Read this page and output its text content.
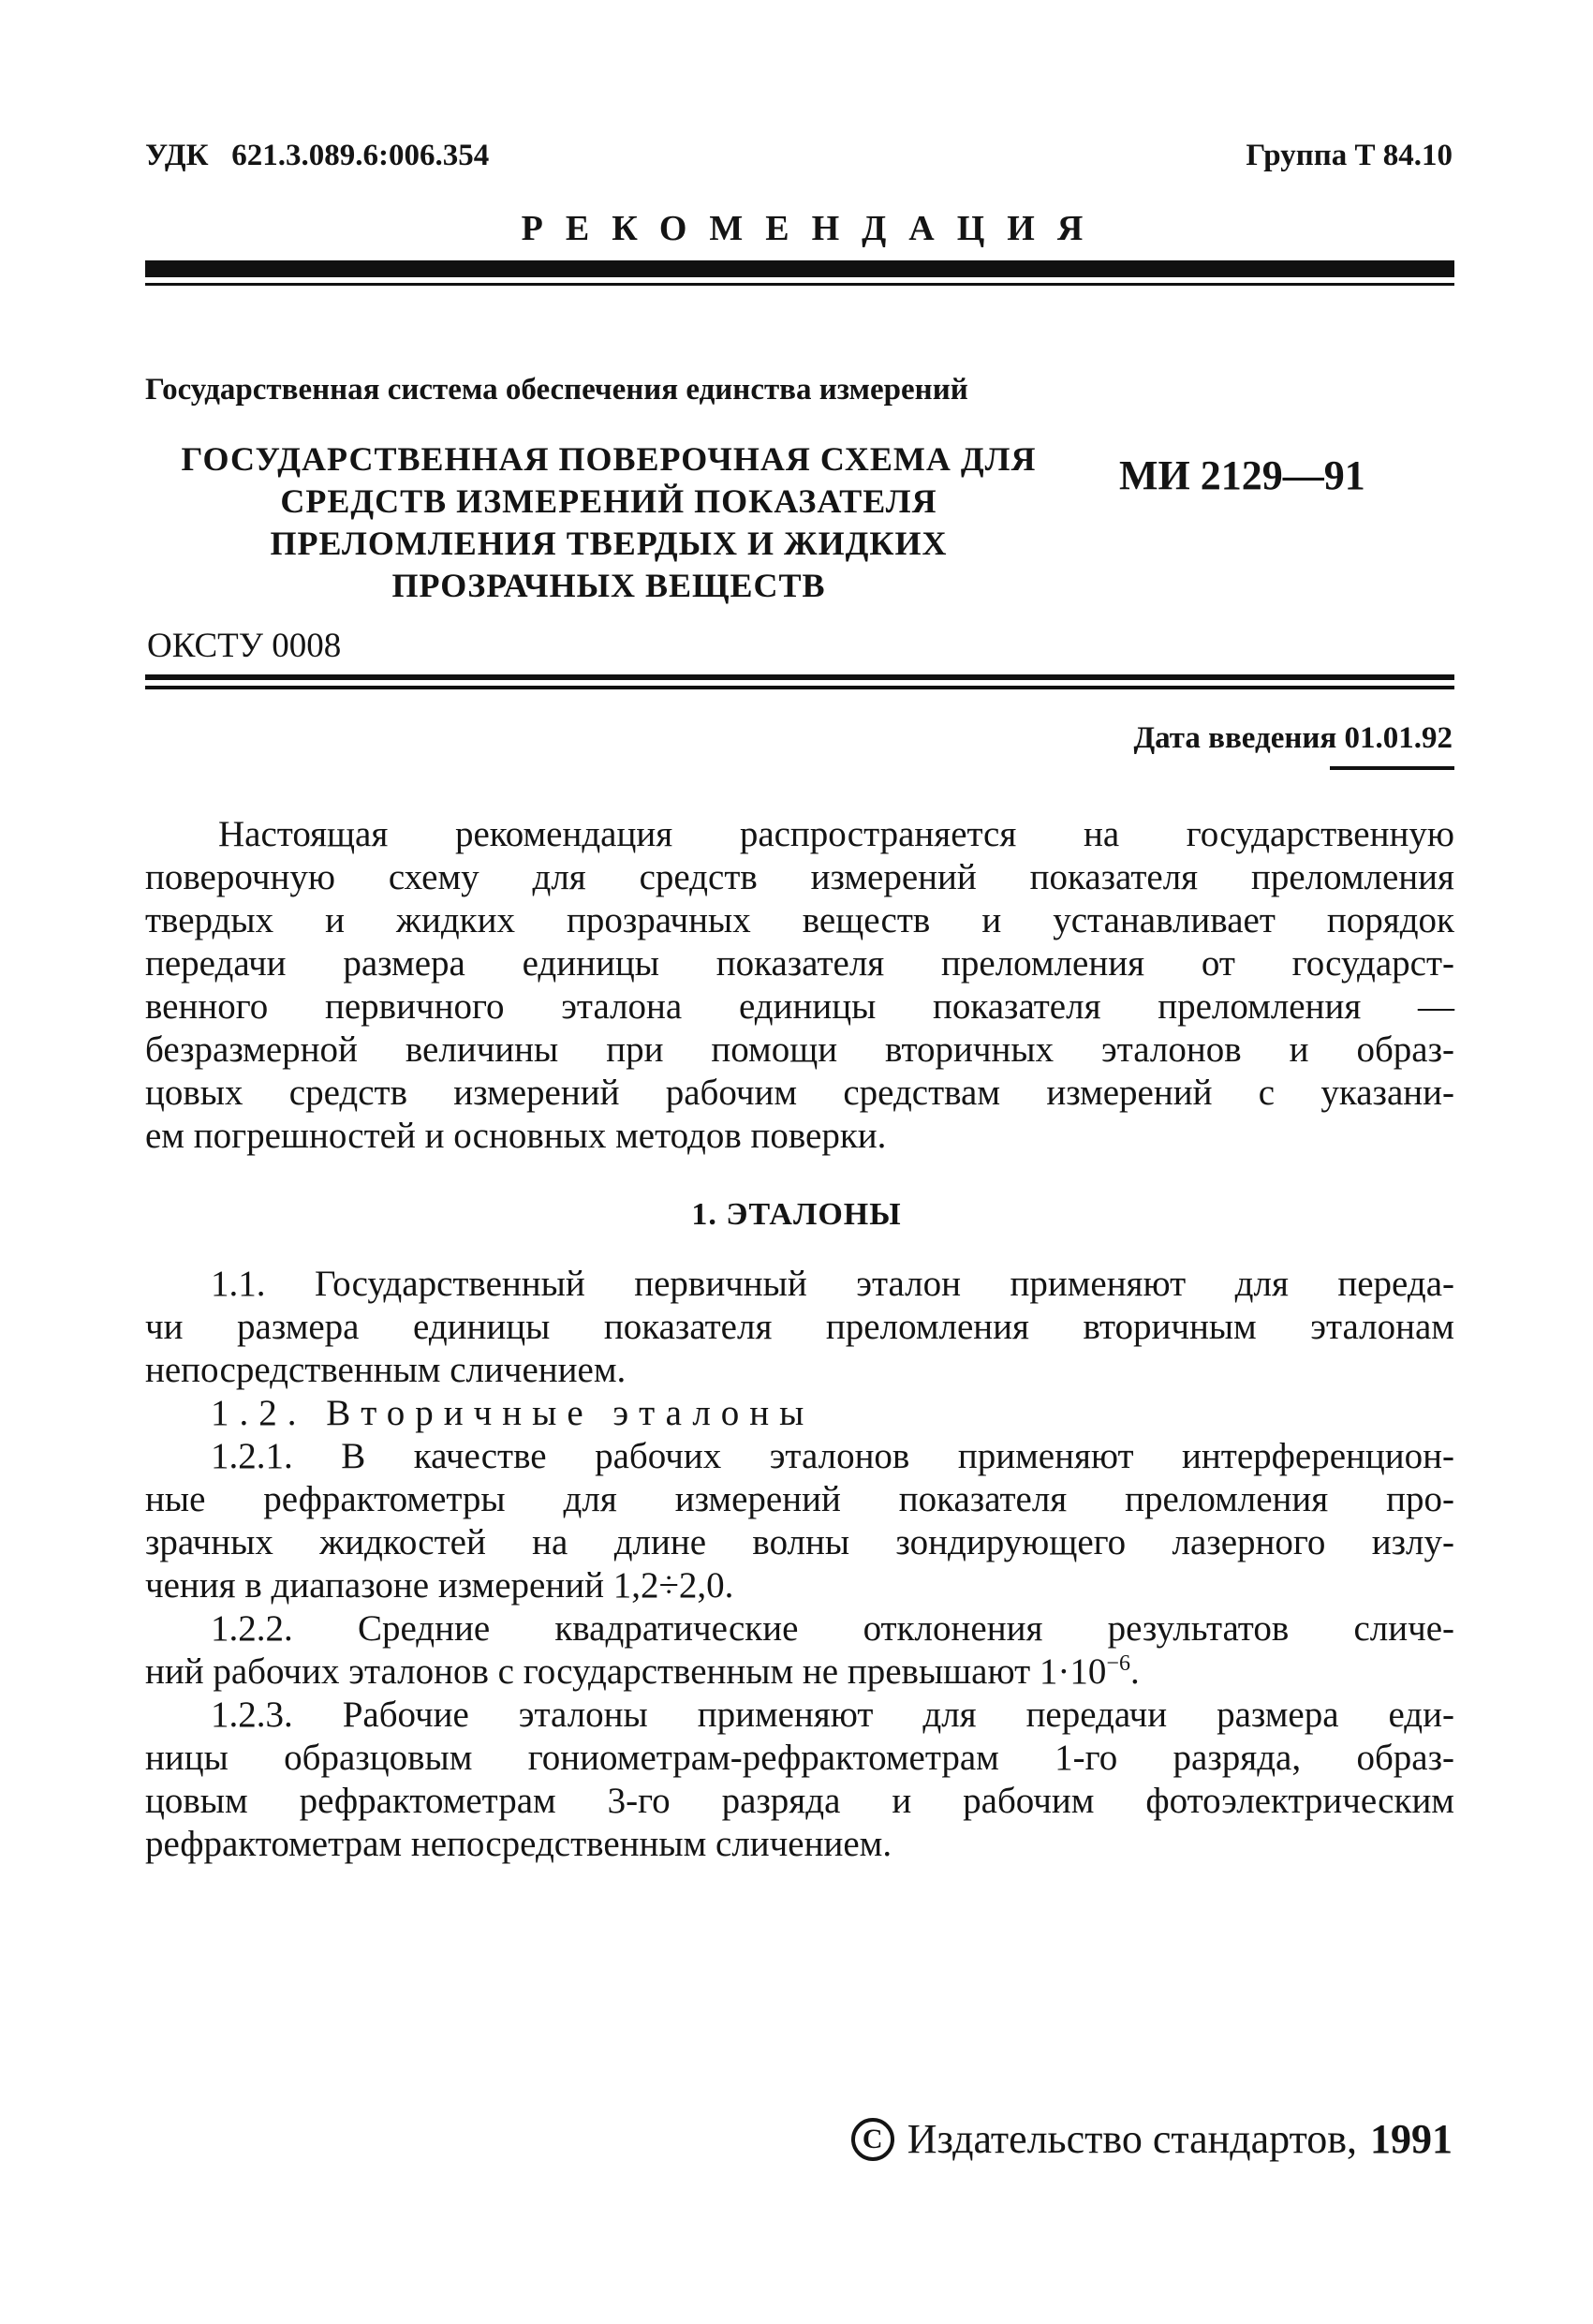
УДК   621.3.089.6:006.354	Группа Т 84.10
РЕКОМЕНДАЦИЯ
Государственная система обеспечения единства измерений
ГОСУДАРСТВЕННАЯ ПОВЕРОЧНАЯ СХЕМА ДЛЯ
СРЕДСТВ ИЗМЕРЕНИЙ ПОКАЗАТЕЛЯ
ПРЕЛОМЛЕНИЯ ТВЕРДЫХ И ЖИДКИХ
ПРОЗРАЧНЫХ ВЕЩЕСТВ
МИ 2129—91
ОКСТУ 0008
Дата введения 01.01.92
Настоящая рекомендация распространяется на государственную
поверочную схему для средств измерений показателя преломления
твердых и жидких прозрачных веществ и устанавливает порядок
передачи размера единицы показателя преломления от государст-
венного первичного эталона единицы показателя преломления —
безразмерной величины при помощи вторичных эталонов и образ-
цовых средств измерений рабочим средствам измерений с указани-
ем погрешностей и основных методов поверки.
1. ЭТАЛОНЫ
1.1. Государственный первичный эталон применяют для переда-
чи размера единицы показателя преломления вторичным эталонам
непосредственным сличением.
1.2. Вторичные эталоны
1.2.1. В качестве рабочих эталонов применяют интерференцион-
ные рефрактометры для измерений показателя преломления про-
зрачных жидкостей на длине волны зондирующего лазерного излу-
чения в диапазоне измерений 1,2÷2,0.
1.2.2. Средние квадратические отклонения результатов сличе-
ний рабочих эталонов с государственным не превышают $1\cdot 10^{-6}$.
1.2.3. Рабочие эталоны применяют для передачи размера еди-
ницы образцовым гониометрам-рефрактометрам 1-го разряда, образ-
цовым рефрактометрам 3-го разряда и рабочим фотоэлектрическим
рефрактометрам непосредственным сличением.
C Издательство стандартов, 1991
